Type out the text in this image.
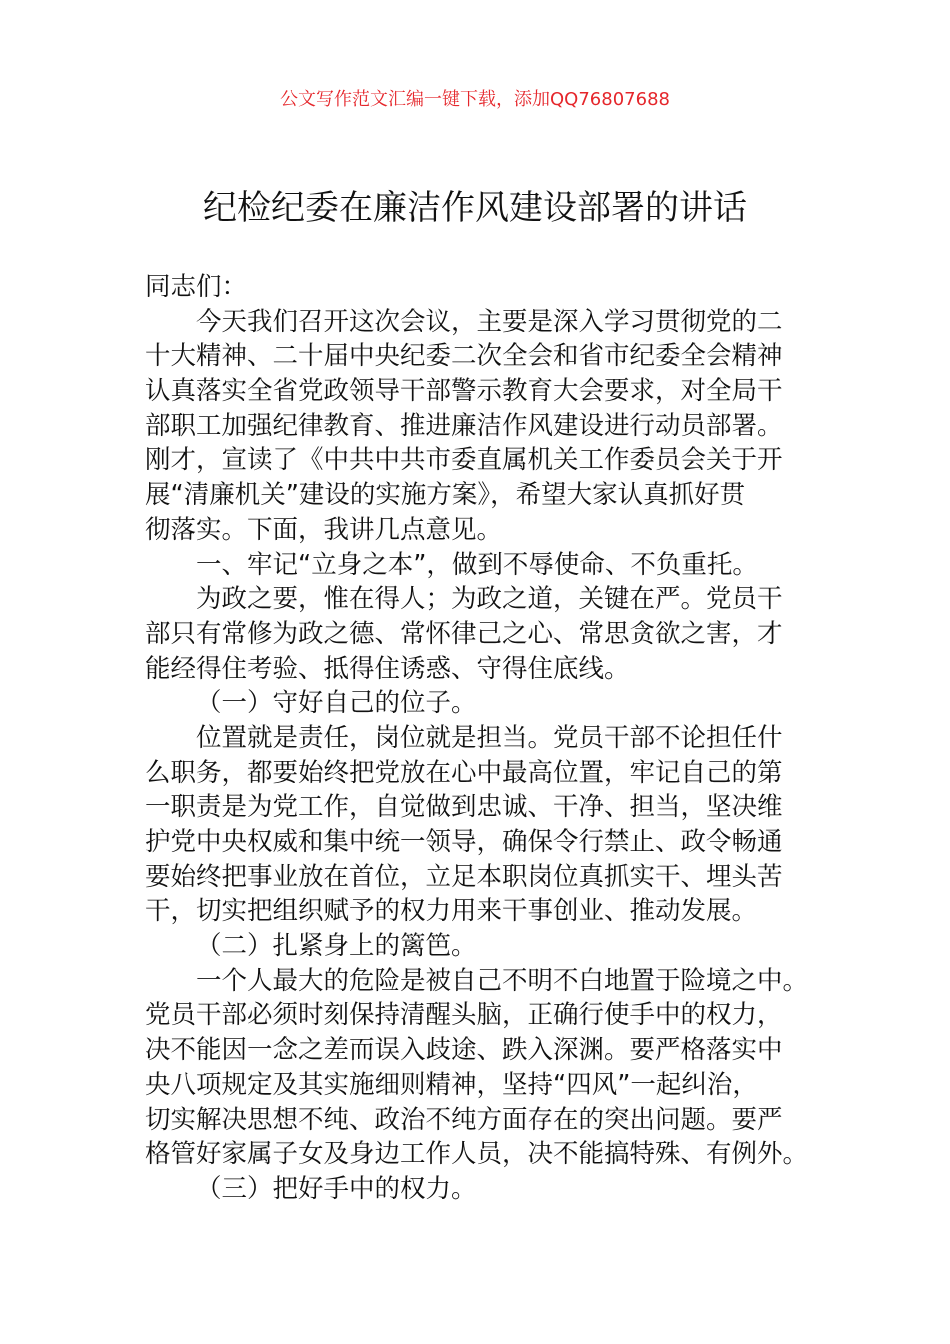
公文写作范文汇编一键下载，添加QQ76807688
纪检纪委在廉洁作风建设部署的讲话
同志们：
今天我们召开这次会议，主要是深入学习贯彻党的二
十大精神、二十届中央纪委二次全会和省市纪委全会精神
认真落实全省党政领导干部警示教育大会要求，对全局干
部职工加强纪律教育、推进廉洁作风建设进行动员部署。
刚才，宣读了《中共中共市委直属机关工作委员会关于开
展“清廉机关”建设的实施方案》，希望大家认真抓好贯
彻落实。下面，我讲几点意见。
一、牢记“立身之本”，做到不辱使命、不负重托。
为政之要，惟在得人；为政之道，关键在严。党员干
部只有常修为政之德、常怀律己之心、常思贪欲之害，才
能经得住考验、抵得住诱惑、守得住底线。
（一）守好自己的位子。
位置就是责任，岗位就是担当。党员干部不论担任什
么职务，都要始终把党放在心中最高位置，牢记自己的第
一职责是为党工作，自觉做到忠诚、干净、担当，坚决维
护党中央权威和集中统一领导，确保令行禁止、政令畅通
要始终把事业放在首位，立足本职岗位真抓实干、埋头苦
干，切实把组织赋予的权力用来干事创业、推动发展。
（二）扎紧身上的篱笆。
一个人最大的危险是被自己不明不白地置于险境之中。
党员干部必须时刻保持清醒头脑，正确行使手中的权力，
决不能因一念之差而误入歧途、跌入深渊。要严格落实中
央八项规定及其实施细则精神，坚持“四风”一起纠治，
切实解决思想不纯、政治不纯方面存在的突出问题。要严
格管好家属子女及身边工作人员，决不能搞特殊、有例外。
（三）把好手中的权力。
